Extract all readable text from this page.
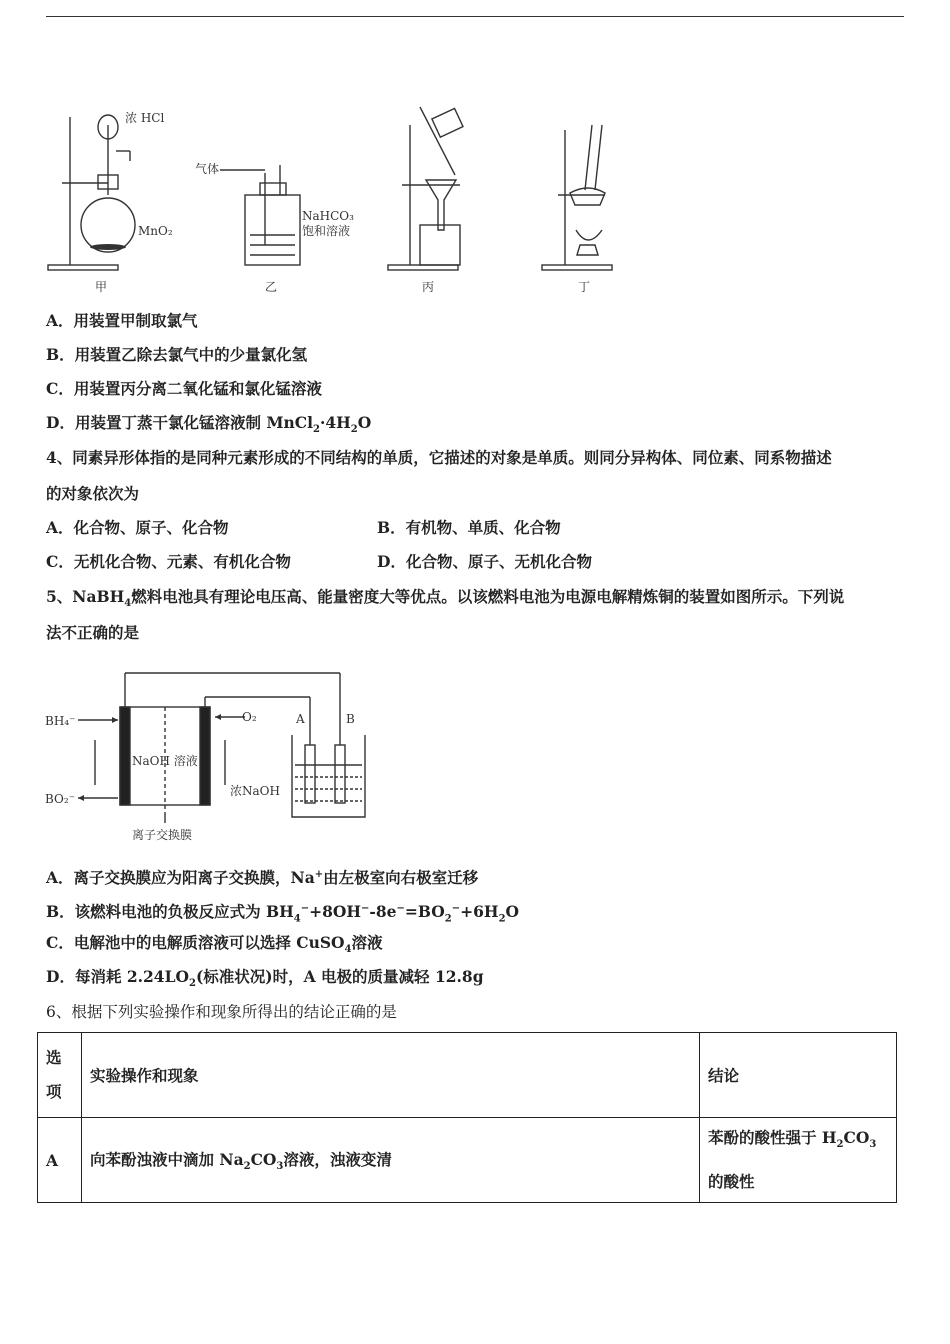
浓 HCl
MnO₂
气体
NaHCO₃
饱和溶液
甲	乙	丙	丁
A．用装置甲制取氯气
B．用装置乙除去氯气中的少量氯化氢
C．用装置丙分离二氧化锰和氯化锰溶液
D．用装置丁蒸干氯化锰溶液制 $MnCl_2\cdot 4H_2O$
4、同素异形体指的是同种元素形成的不同结构的单质，它描述的对象是单质。则同分异构体、同位素、同系物描述
的对象依次为
A．化合物、原子、化合物	B．有机物、单质、化合物
C．无机化合物、元素、有机化合物	D．化合物、原子、无机化合物
5、NaBH$_4$燃料电池具有理论电压高、能量密度大等优点。以该燃料电池为电源电解精炼铜的装置如图所示。下列说
法不正确的是
BH₄⁻
BO₂⁻
O₂
NaOH 溶液
浓NaOH
离子交换膜
A	B
A．离子交换膜应为阳离子交换膜，Na+由左极室向右极室迁移
B．该燃料电池的负极反应式为 $BH_4^-+8OH^--8e^-=BO_2^-+6H_2O$
C．电解池中的电解质溶液可以选择 CuSO$_4$溶液
D．每消耗 $2.24LO_2$(标准状况)时，A 电极的质量减轻 12.8g
6、根据下列实验操作和现象所得出的结论正确的是
选
项	实验操作和现象	结论
A	向苯酚浊液中滴加 $Na_2CO_3$溶液，浊液变清	苯酚的酸性强于 $H_2CO_3$
的酸性
